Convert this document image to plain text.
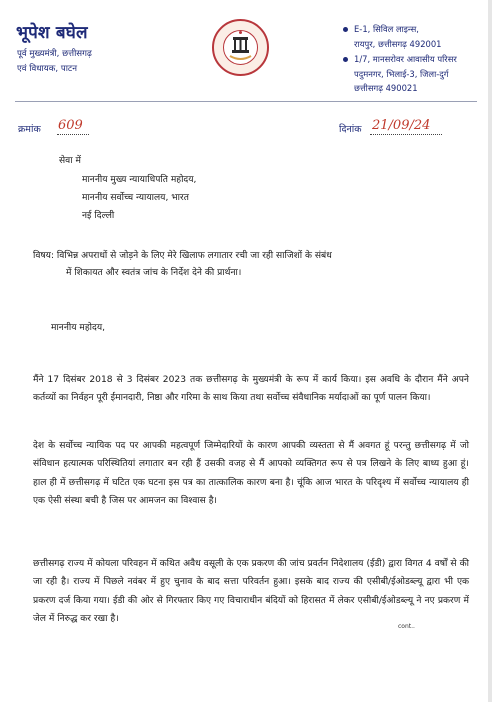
भूपेश बघेल
पूर्व मुख्यमंत्री, छत्तीसगढ़
एवं विधायक, पाटन
E-1, सिविल लाइन्स,
रायपुर, छत्तीसगढ़ 492001
1/7, मानसरोवर आवासीय परिसर
पदुमनगर, भिलाई-3, जिला-दुर्ग
छत्तीसगढ़ 490021
क्रमांक 609	दिनांक 21/09/24
सेवा में
माननीय मुख्य न्यायाधिपति महोदय,
माननीय सर्वोच्च न्यायालय, भारत
नई दिल्ली
विषय: विभिन्न अपराधों से जोड़ने के लिए मेरे खिलाफ लगातार रची जा रही साजिशों के संबंध
में शिकायत और स्वतंत्र जांच के निर्देश देने की प्रार्थना।
माननीय महोदय,
मैंने 17 दिसंबर 2018 से 3 दिसंबर 2023 तक छत्तीसगढ़ के मुख्यमंत्री के रूप में कार्य किया। इस अवधि के दौरान मैंने अपने कर्तव्यों का निर्वहन पूरी ईमानदारी, निष्ठा और गरिमा के साथ किया तथा सर्वोच्च संवैधानिक मर्यादाओं का पूर्ण पालन किया।
देश के सर्वोच्च न्यायिक पद पर आपकी महत्वपूर्ण जिम्मेदारियों के कारण आपकी व्यस्तता से मैं अवगत हूं परन्तु छत्तीसगढ़ में जो संविधान हत्यात्मक परिस्थितियां लगातार बन रही हैं उसकी वजह से मैं आपको व्यक्तिगत रूप से पत्र लिखने के लिए बाध्य हुआ हूं। हाल ही में छत्तीसगढ़ में घटित एक घटना इस पत्र का तात्कालिक कारण बना है। चूंकि आज भारत के परिदृश्य में सर्वोच्च न्यायालय ही एक ऐसी संस्था बची है जिस पर आमजन का विश्वास है।
छत्तीसगढ़ राज्य में कोयला परिवहन में कथित अवैध वसूली के एक प्रकरण की जांच प्रवर्तन निदेशालय (ईडी) द्वारा विगत 4 वर्षों से की जा रही है। राज्य में पिछले नवंबर में हुए चुनाव के बाद सत्ता परिवर्तन हुआ। इसके बाद राज्य की एसीबी/ईओडब्ल्यू द्वारा भी एक प्रकरण दर्ज किया गया। ईडी की ओर से गिरफ्तार किए गए विचाराधीन बंदियों को हिरासत में लेकर एसीबी/ईओडब्ल्यू ने नए प्रकरण में जेल में निरुद्ध कर रखा है।
cont..
